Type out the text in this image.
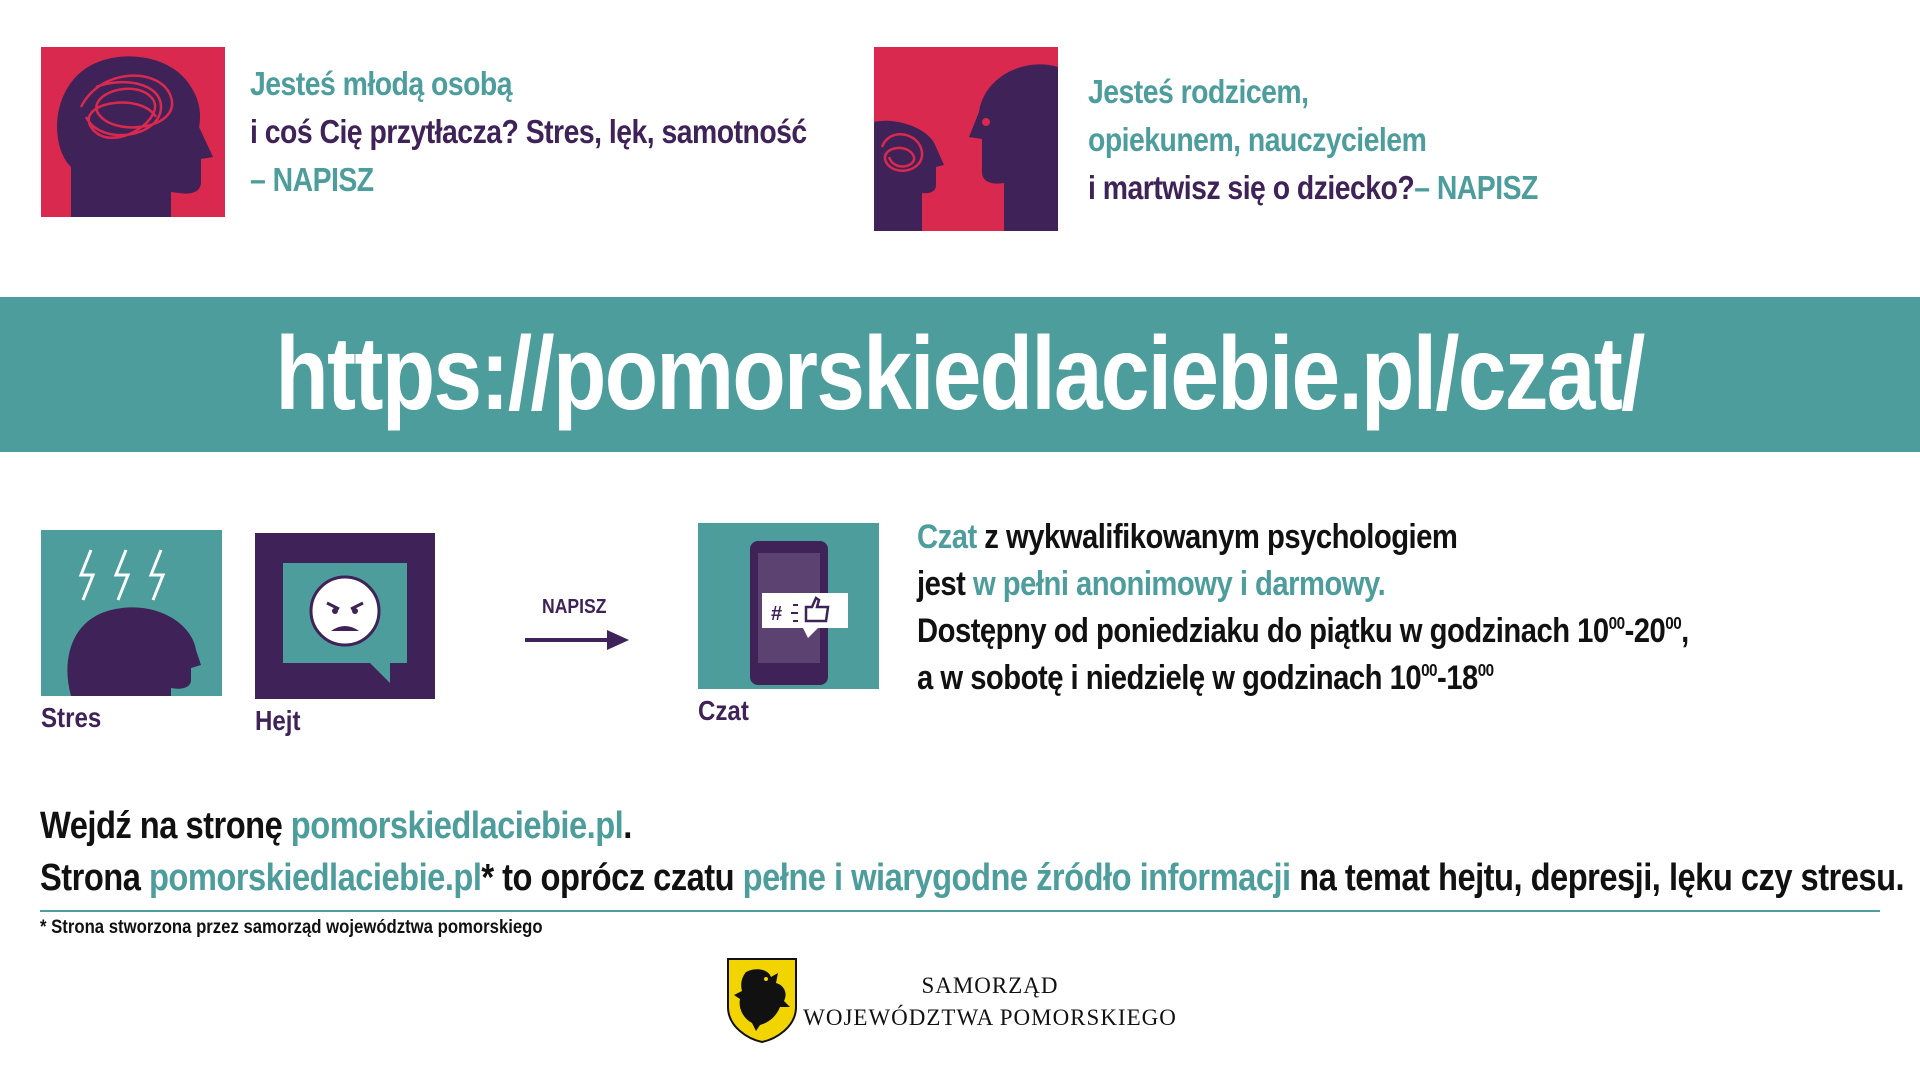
Jesteś młodą osobą
i coś Cię przytłacza? Stres, lęk, samotność
– NAPISZ
Jesteś rodzicem,
opiekunem, nauczycielem
i martwisz się o dziecko?– NAPISZ
https://pomorskiedlaciebie.pl/czat/
Stres	Hejt
NAPISZ	#
Czat
Czat z wykwalifikowanym psychologiem
jest w pełni anonimowy i darmowy.
Dostępny od poniedziaku do piątku w godzinach $10^{00}-20^{00}$,
a w sobotę i niedzielę w godzinach $10^{00}-18^{00}$
Wejdź na stronę pomorskiedlaciebie.pl.
Strona pomorskiedlaciebie.pl* to oprócz czatu pełne i wiarygodne źródło informacji na temat hejtu, depresji, lęku czy stresu.
* Strona stworzona przez samorząd województwa pomorskiego
SAMORZĄD
WOJEWÓDZTWA POMORSKIEGO
